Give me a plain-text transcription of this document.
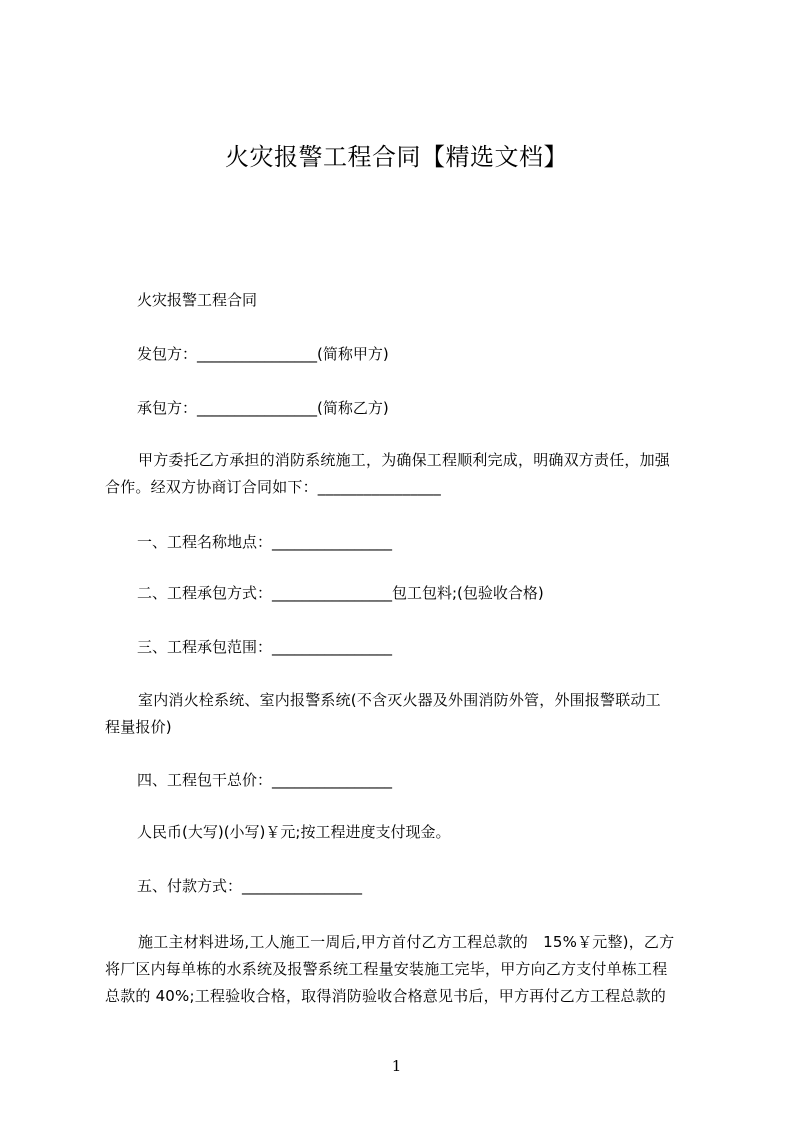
火灾报警工程合同【精选文档】
火灾报警工程合同
发包方：________________(简称甲方)
承包方：________________(简称乙方)
甲方委托乙方承担的消防系统施工，为确保工程顺利完成，明确双方责任，加强
合作。经双方协商订合同如下：________________
一、工程名称地点：________________
二、工程承包方式：________________包工包料;(包验收合格)
三、工程承包范围：________________
室内消火栓系统、室内报警系统(不含灭火器及外围消防外管，外围报警联动工
程量报价)
四、工程包干总价：________________
人民币(大写)(小写)￥元;按工程进度支付现金。
五、付款方式：________________
施工主材料进场,工人施工一周后,甲方首付乙方工程总款的　15%￥元整)，乙方
将厂区内每单栋的水系统及报警系统工程量安装施工完毕，甲方向乙方支付单栋工程
总款的 40%;工程验收合格，取得消防验收合格意见书后，甲方再付乙方工程总款的
1
